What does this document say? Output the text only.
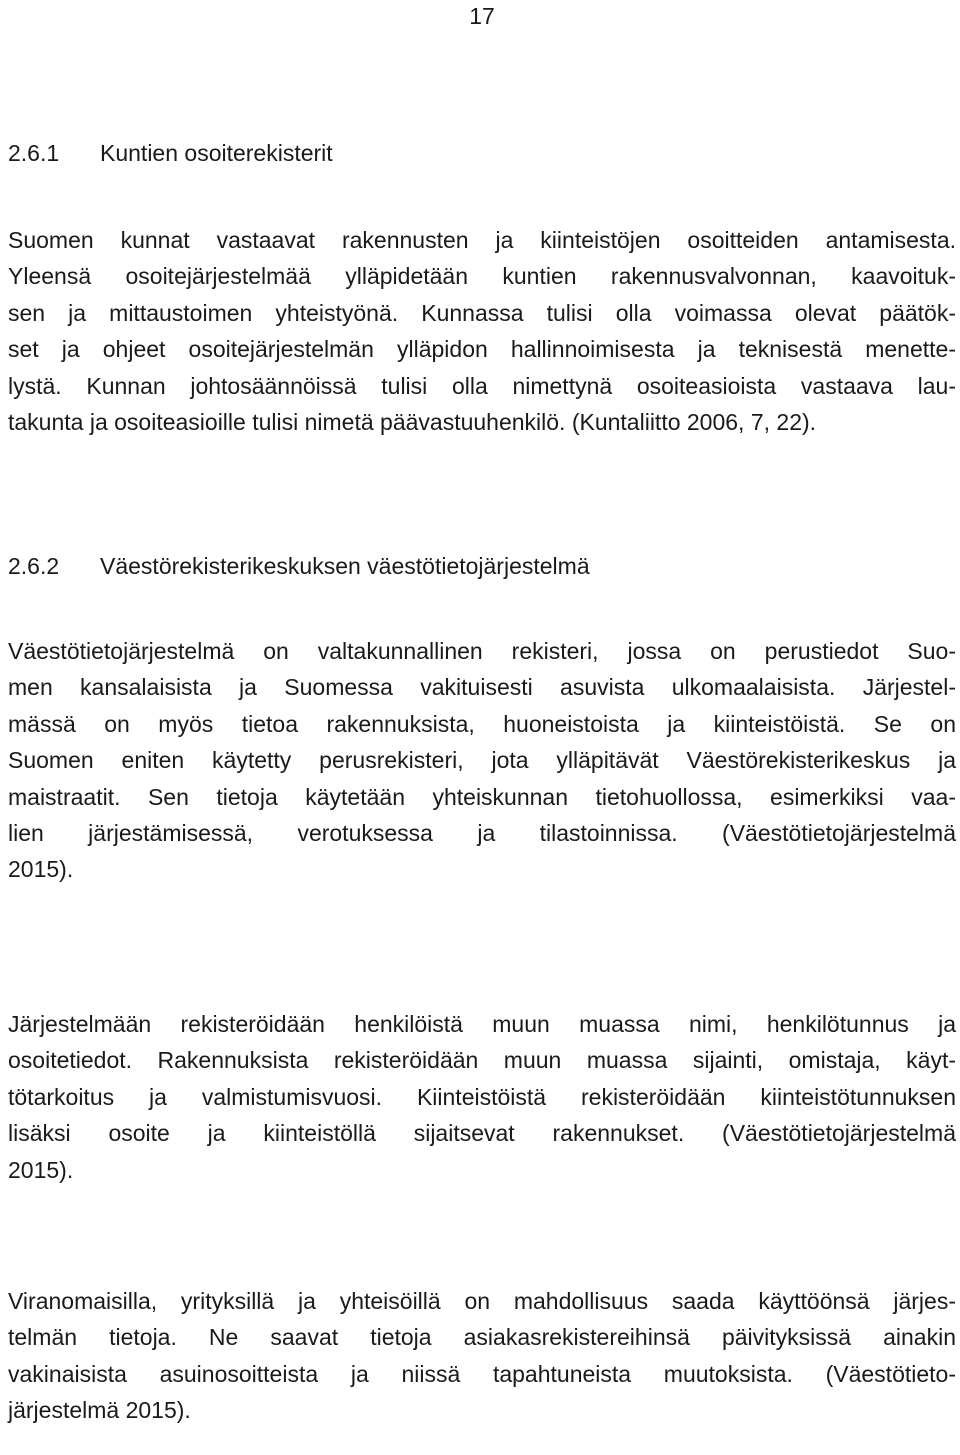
17
2.6.1 Kuntien osoiterekisterit
Suomen kunnat vastaavat rakennusten ja kiinteistöjen osoitteiden antamisesta.
Yleensä osoitejärjestelmää ylläpidetään kuntien rakennusvalvonnan, kaavoituk-
sen ja mittaustoimen yhteistyönä. Kunnassa tulisi olla voimassa olevat päätök-
set ja ohjeet osoitejärjestelmän ylläpidon hallinnoimisesta ja teknisestä menette-
lystä. Kunnan johtosäännöissä tulisi olla nimettynä osoiteasioista vastaava lau-
takunta ja osoiteasioille tulisi nimetä päävastuuhenkilö. (Kuntaliitto 2006, 7, 22).
2.6.2 Väestörekisterikeskuksen väestötietojärjestelmä
Väestötietojärjestelmä on valtakunnallinen rekisteri, jossa on perustiedot Suo-
men kansalaisista ja Suomessa vakituisesti asuvista ulkomaalaisista. Järjestel-
mässä on myös tietoa rakennuksista, huoneistoista ja kiinteistöistä. Se on
Suomen eniten käytetty perusrekisteri, jota ylläpitävät Väestörekisterikeskus ja
maistraatit. Sen tietoja käytetään yhteiskunnan tietohuollossa, esimerkiksi vaa-
lien järjestämisessä, verotuksessa ja tilastoinnissa. (Väestötietojärjestelmä
2015).
Järjestelmään rekisteröidään henkilöistä muun muassa nimi, henkilötunnus ja
osoitetiedot. Rakennuksista rekisteröidään muun muassa sijainti, omistaja, käyt-
tötarkoitus ja valmistumisvuosi. Kiinteistöistä rekisteröidään kiinteistötunnuksen
lisäksi osoite ja kiinteistöllä sijaitsevat rakennukset. (Väestötietojärjestelmä
2015).
Viranomaisilla, yrityksillä ja yhteisöillä on mahdollisuus saada käyttöönsä järjes-
telmän tietoja. Ne saavat tietoja asiakasrekistereihinsä päivityksissä ainakin
vakinaisista asuinosoitteista ja niissä tapahtuneista muutoksista. (Väestötieto-
järjestelmä 2015).
